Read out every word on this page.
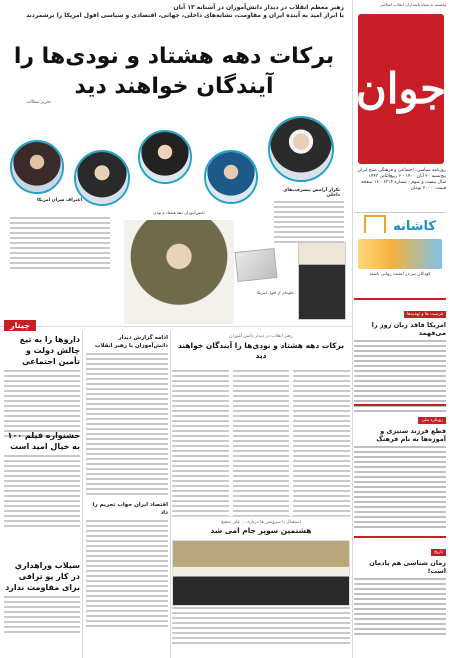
وابسته به سپاه پاسداران انقلاب اسلامی
جوان
روزنامه سیاسی، اجتماعی و فرهنگی صبح ایران
پنج‌شنبه ۲۰ آبان ۱۴۰۰ - ۶ ربیع‌الثانی ۱۴۴۳
سال بیست و سوم - شماره ۶۳۱۴ - ۱۶ صفحه
قیمت: ۲۰۰۰ تومان
کاشانه
کودکان نیز در امنیت روانی باشند
فرصت ها و تهدیدها
امریکا فاقد زبان زور را می‌فهمد
رویکرد ملی
قطع فرزند ستیزی و آموزه‌ها به نام فرهنگ
تاریخ
زمان شناسی هم پادمان است!
رهبر معظم انقلاب در دیدار دانش‌آموزان در آستانه ۱۳ آبان
با ابراز امید به آینده ایران و مقاومت، نشانه‌های داخلی، جهانی، اقتصادی و سیاسی افول امریکا را برشمردند
برکات دهه هشتاد و نودی‌ها را آیندگان خواهند دید
تحریر مطالب
اعتراف سران امریکا
تکرار آرامش پیشرفت‌های داخلی
دانش‌آموزان دهه هشتاد و نودی
جلوه‌ای از افول امریکا
چیتار
داروها را به تیغ چالش دولت و تأمین اجتماعی
جشنواره فیلم ۱۰۰ به خیال امید است
سیلاب وراهداري در کار یو ترافی برای مقاومت ندارد
ادامه گزارش دیدار دانش‌آموزان با رهبر انقلاب
اقتصاد ایران جواب تحریم را داد
رهبر انقلاب در دیدار دانش آموزان
برکات دهه هشتاد و نودی‌ها را آیندگان خواهند دید
استقبال با سرویس ها درباره ... علی شفیع
هشتمین سوپر جام امی شد
